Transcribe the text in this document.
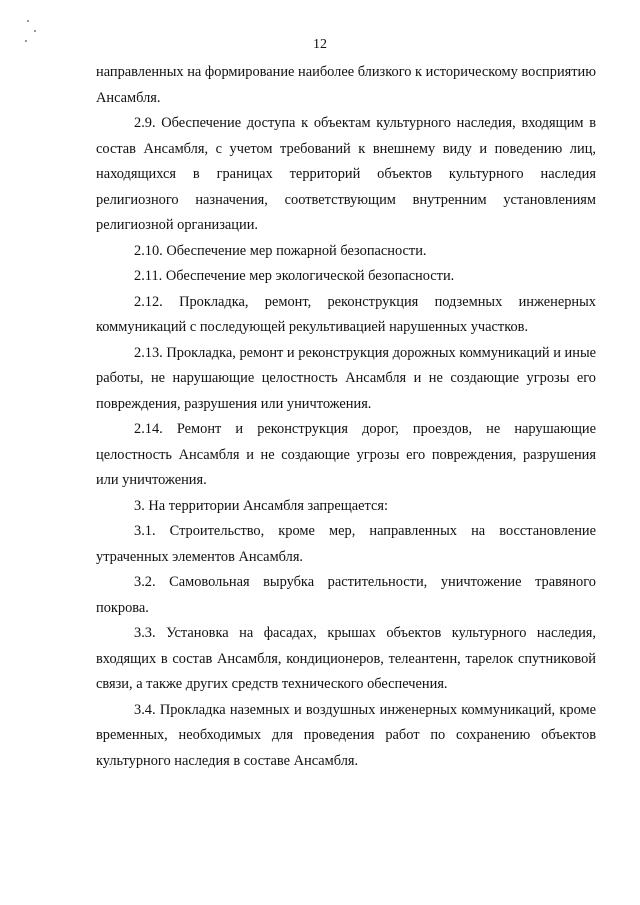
12

направленных на формирование наиболее близкого к историческому восприятию Ансамбля.

2.9. Обеспечение доступа к объектам культурного наследия, входящим в состав Ансамбля, с учетом требований к внешнему виду и поведению лиц, находящихся в границах территорий объектов культурного наследия религиозного назначения, соответствующим внутренним установлениям религиозной организации.

2.10. Обеспечение мер пожарной безопасности.

2.11. Обеспечение мер экологической безопасности.

2.12. Прокладка, ремонт, реконструкция подземных инженерных коммуникаций с последующей рекультивацией нарушенных участков.

2.13. Прокладка, ремонт и реконструкция дорожных коммуникаций и иные работы, не нарушающие целостность Ансамбля и не создающие угрозы его повреждения, разрушения или уничтожения.

2.14. Ремонт и реконструкция дорог, проездов, не нарушающие целостность Ансамбля и не создающие угрозы его повреждения, разрушения или уничтожения.

3. На территории Ансамбля запрещается:

3.1. Строительство, кроме мер, направленных на восстановление утраченных элементов Ансамбля.

3.2. Самовольная вырубка растительности, уничтожение травяного покрова.

3.3. Установка на фасадах, крышах объектов культурного наследия, входящих в состав Ансамбля, кондиционеров, телеантенн, тарелок спутниковой связи, а также других средств технического обеспечения.

3.4. Прокладка наземных и воздушных инженерных коммуникаций, кроме временных, необходимых для проведения работ по сохранению объектов культурного наследия в составе Ансамбля.
